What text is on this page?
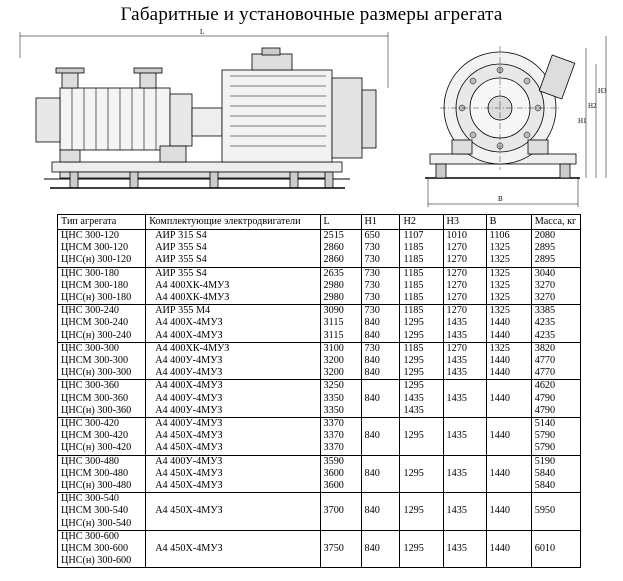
Габаритные и установочные размеры агрегата
L
B
H1
H2
H3
Тип агрегата	Комплектующие электродвигатели	L	H1	H2	H3	B	Масса, кг
ЦНС 300-120	АИР 315 S4	2515	650	1107	1010	1106	2080
ЦНСМ 300-120	АИР 355 S4	2860	730	1185	1270	1325	2895
ЦНС(н) 300-120	АИР 355 S4	2860	730	1185	1270	1325	2895
ЦНС 300-180	АИР 355 S4	2635	730	1185	1270	1325	3040
ЦНСМ 300-180	А4 400ХК-4МУЗ	2980	730	1185	1270	1325	3270
ЦНС(н) 300-180	А4 400ХК-4МУЗ	2980	730	1185	1270	1325	3270
ЦНС 300-240	АИР 355 М4	3090	730	1185	1270	1325	3385
ЦНСМ 300-240	А4 400Х-4МУЗ	3115	840	1295	1435	1440	4235
ЦНС(н) 300-240	А4 400Х-4МУЗ	3115	840	1295	1435	1440	4235
ЦНС 300-300	А4 400ХК-4МУЗ	3100	730	1185	1270	1325	3820
ЦНСМ 300-300	А4 400У-4МУЗ	3200	840	1295	1435	1440	4770
ЦНС(н) 300-300	А4 400У-4МУЗ	3200	840	1295	1435	1440	4770
ЦНС 300-360	А4 400Х-4МУЗ	3250	840	1295	1435	1440	4620
ЦНСМ 300-360	А4 400У-4МУЗ	3350		1435			4790
ЦНС(н) 300-360	А4 400У-4МУЗ	3350		1435			4790
ЦНС 300-420	А4 400У-4МУЗ	3370	840	1295	1435	1440	5140
ЦНСМ 300-420	А4 450Х-4МУЗ	3370					5790
ЦНС(н) 300-420	А4 450Х-4МУЗ	3370					5790
ЦНС 300-480	А4 400У-4МУЗ	3590	840	1295	1435	1440	5190
ЦНСМ 300-480	А4 450Х-4МУЗ	3600					5840
ЦНС(н) 300-480	А4 450Х-4МУЗ	3600					5840
ЦНС 300-540	А4 450Х-4МУЗ	3700	840	1295	1435	1440	5950
ЦНСМ 300-540							
ЦНС(н) 300-540							
ЦНС 300-600	А4 450Х-4МУЗ	3750	840	1295	1435	1440	6010
ЦНСМ 300-600							
ЦНС(н) 300-600							
